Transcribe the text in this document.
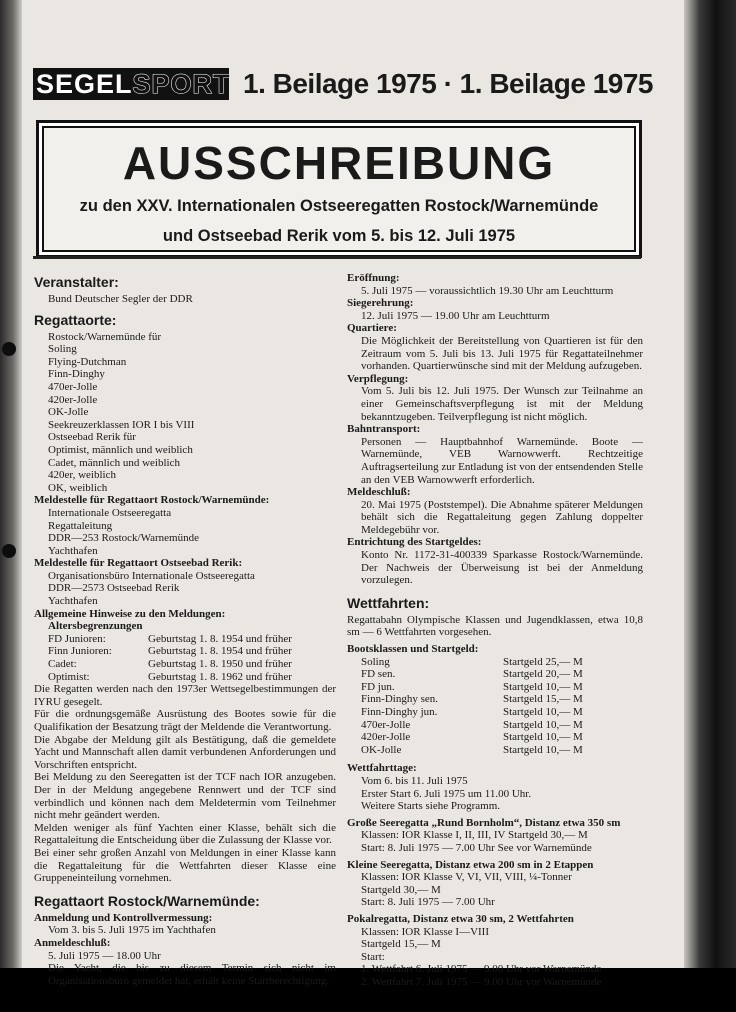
SEGELSPORT 1. Beilage 1975 · 1. Beilage 1975
AUSSCHREIBUNG
zu den XXV. Internationalen Ostseeregatten Rostock/Warnemünde
und Ostseebad Rerik vom 5. bis 12. Juli 1975
Veranstalter:
Bund Deutscher Segler der DDR
Regattaorte:
Rostock/Warnemünde für
Soling
Flying-Dutchman
Finn-Dinghy
470er-Jolle
420er-Jolle
OK-Jolle
Seekreuzerklassen IOR I bis VIII
Ostseebad Rerik für
Optimist, männlich und weiblich
Cadet, männlich und weiblich
420er, weiblich
OK, weiblich
Meldestelle für Regattaort Rostock/Warnemünde:
Internationale Ostseeregatta
Regattaleitung
DDR—253 Rostock/Warnemünde
Yachthafen
Meldestelle für Regattaort Ostseebad Rerik:
Organisationsbüro Internationale Ostseeregatta
DDR—2573 Ostseebad Rerik
Yachthafen
Allgemeine Hinweise zu den Meldungen:
Altersbegrenzungen
FD Junioren:	Geburtstag 1. 8. 1954 und früher
Finn Junioren:	Geburtstag 1. 8. 1954 und früher
Cadet:	Geburtstag 1. 8. 1950 und früher
Optimist:	Geburtstag 1. 8. 1962 und früher
Die Regatten werden nach den 1973er Wettsegelbestimmungen der IYRU gesegelt.
Für die ordnungsgemäße Ausrüstung des Bootes sowie für die Qualifikation der Besatzung trägt der Meldende die Verantwortung.
Die Abgabe der Meldung gilt als Bestätigung, daß die gemeldete Yacht und Mannschaft allen damit verbundenen Anforderungen und Vorschriften entspricht.
Bei Meldung zu den Seeregatten ist der TCF nach IOR anzugeben. Der in der Meldung angegebene Rennwert und der TCF sind verbindlich und können nach dem Meldetermin vom Teilnehmer nicht mehr geändert werden.
Melden weniger als fünf Yachten einer Klasse, behält sich die Regattaleitung die Entscheidung über die Zulassung der Klasse vor.
Bei einer sehr großen Anzahl von Meldungen in einer Klasse kann die Regattaleitung für die Wettfahrten dieser Klasse eine Gruppeneinteilung vornehmen.
Regattaort Rostock/Warnemünde:
Anmeldung und Kontrollvermessung:
Vom 3. bis 5. Juli 1975 im Yachthafen
Anmeldeschluß:
5. Juli 1975 — 18.00 Uhr
Die Yacht, die bis zu diesem Termin sich nicht im Organisationsbüro gemeldet hat, erhält keine Startberechtigung.
Eröffnung:
5. Juli 1975 — voraussichtlich 19.30 Uhr am Leuchtturm
Siegerehrung:
12. Juli 1975 — 19.00 Uhr am Leuchtturm
Quartiere:
Die Möglichkeit der Bereitstellung von Quartieren ist für den Zeitraum vom 5. Juli bis 13. Juli 1975 für Regattateilnehmer vorhanden. Quartierwünsche sind mit der Meldung aufzugeben.
Verpflegung:
Vom 5. Juli bis 12. Juli 1975. Der Wunsch zur Teilnahme an einer Gemeinschaftsverpflegung ist mit der Meldung bekanntzugeben. Teilverpflegung ist nicht möglich.
Bahntransport:
Personen — Hauptbahnhof Warnemünde. Boote — Warnemünde, VEB Warnowwerft. Rechtzeitige Auftragserteilung zur Entladung ist von der entsendenden Stelle an den VEB Warnowwerft erforderlich.
Meldeschluß:
20. Mai 1975 (Poststempel). Die Abnahme späterer Meldungen behält sich die Regattaleitung gegen Zahlung doppelter Meldegebühr vor.
Entrichtung des Startgeldes:
Konto Nr. 1172-31-400339 Sparkasse Rostock/Warnemünde. Der Nachweis der Überweisung ist bei der Anmeldung vorzulegen.
Wettfahrten:
Regattabahn Olympische Klassen und Jugendklassen, etwa 10,8 sm — 6 Wettfahrten vorgesehen.
Bootsklassen und Startgeld:
Soling	Startgeld 25,— M
FD sen.	Startgeld 20,— M
FD jun.	Startgeld 10,— M
Finn-Dinghy sen.	Startgeld 15,— M
Finn-Dinghy jun.	Startgeld 10,— M
470er-Jolle	Startgeld 10,— M
420er-Jolle	Startgeld 10,— M
OK-Jolle	Startgeld 10,— M
Wettfahrttage:
Vom 6. bis 11. Juli 1975
Erster Start 6. Juli 1975 um 11.00 Uhr.
Weitere Starts siehe Programm.
Große Seeregatta „Rund Bornholm“, Distanz etwa 350 sm
Klassen: IOR Klasse I, II, III, IV Startgeld 30,— M
Start: 8. Juli 1975 — 7.00 Uhr See vor Warnemünde
Kleine Seeregatta, Distanz etwa 200 sm in 2 Etappen
Klassen: IOR Klasse V, VI, VII, VIII, ¼-Tonner
Startgeld 30,— M
Start: 8. Juli 1975 — 7.00 Uhr
Pokalregatta, Distanz etwa 30 sm, 2 Wettfahrten
Klassen: IOR Klasse I—VIII
Startgeld 15,— M
Start:
1. Wettfahrt 6. Juli 1975 — 9.00 Uhr vor Warnemünde
2. Wettfahrt 7. Juli 1975 — 9.00 Uhr vor Warnemünde
